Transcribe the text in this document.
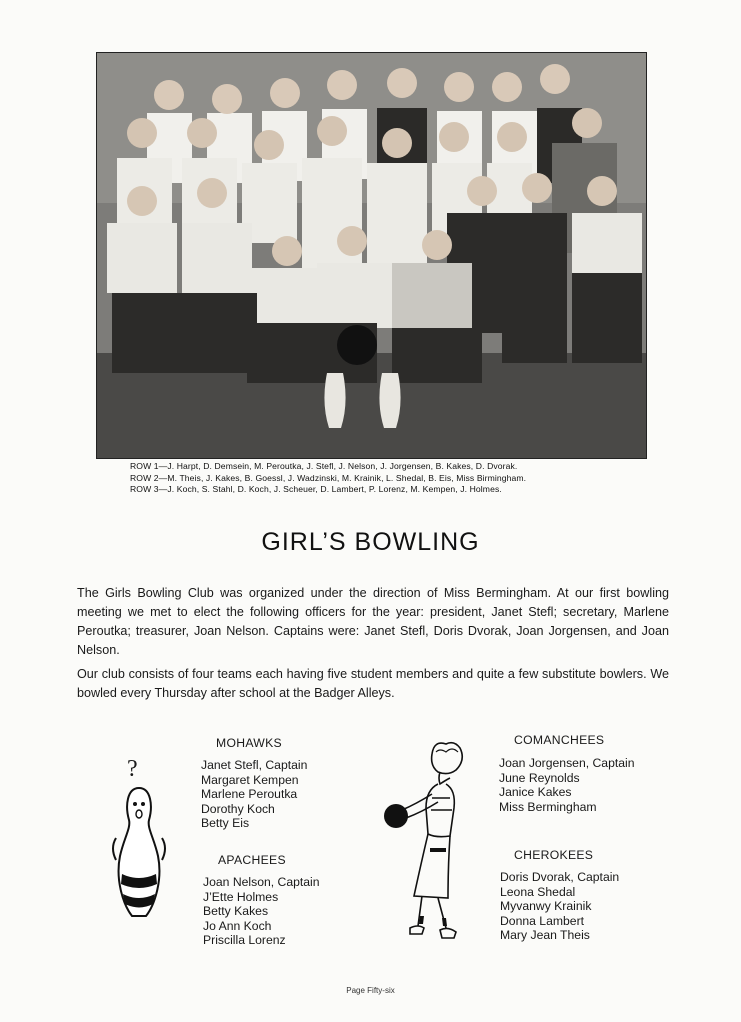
ROW 1—J. Harpt, D. Demsein, M. Peroutka, J. Stefl, J. Nelson, J. Jorgensen, B. Kakes, D. Dvorak.
ROW 2—M. Theis, J. Kakes, B. Goessl, J. Wadzinski, M. Krainik, L. Shedal, B. Eis, Miss Birmingham.
ROW 3—J. Koch, S. Stahl, D. Koch, J. Scheuer, D. Lambert, P. Lorenz, M. Kempen, J. Holmes.
GIRL’S BOWLING
The Girls Bowling Club was organized under the direction of Miss Bermingham. At our first bowling meeting we met to elect the following officers for the year: president, Janet Stefl; secretary, Marlene Peroutka; treasurer, Joan Nelson. Captains were: Janet Stefl, Doris Dvorak, Joan Jorgensen, and Joan Nelson.
Our club consists of four teams each having five student members and quite a few substitute bowlers. We bowled every Thursday after school at the Badger Alleys.
?
MOHAWKS
Janet Stefl, Captain
Margaret Kempen
Marlene Peroutka
Dorothy Koch
Betty Eis
APACHEES
Joan Nelson, Captain
J’Ette Holmes
Betty Kakes
Jo Ann Koch
Priscilla Lorenz
COMANCHEES
Joan Jorgensen, Captain
June Reynolds
Janice Kakes
Miss Bermingham
CHEROKEES
Doris Dvorak, Captain
Leona Shedal
Myvanwy Krainik
Donna Lambert
Mary Jean Theis
Page Fifty-six
